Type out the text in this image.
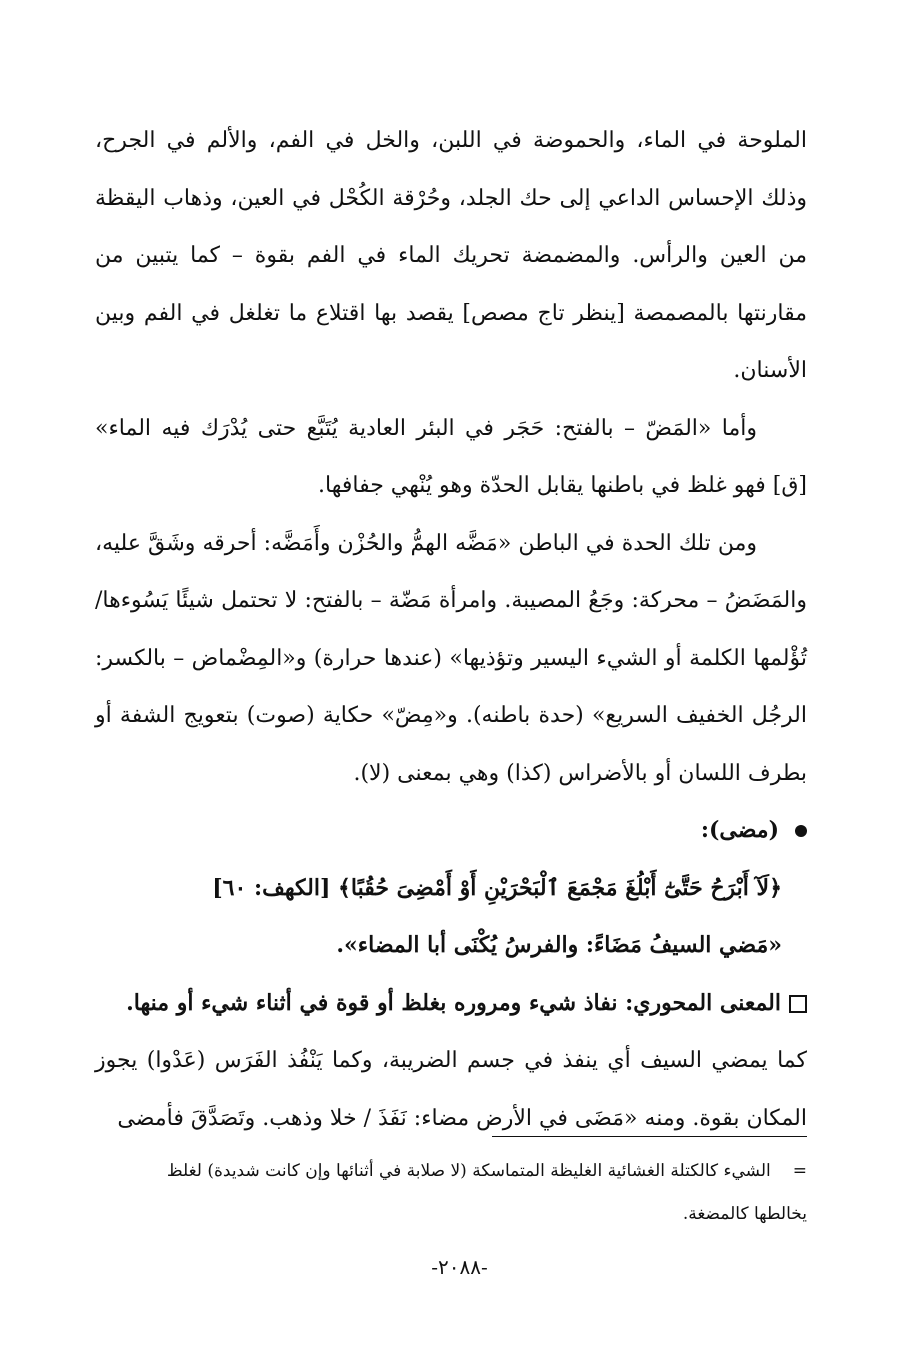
الملوحة في الماء، والحموضة في اللبن، والخل في الفم، والألم في الجرح، وذلك الإحساس الداعي إلى حك الجلد، وحُرْقة الكُحْل في العين، وذهاب اليقظة من العين والرأس. والمضمضة تحريك الماء في الفم بقوة – كما يتبين من مقارنتها بالمصمصة [ينظر تاج مصص] يقصد بها اقتلاع ما تغلغل في الفم وبين الأسنان.

وأما «المَضّ – بالفتح: حَجَر في البئر العادية يُتَبَّع حتى يُدْرَك فيه الماء» [ق] فهو غلظ في باطنها يقابل الحدّة وهو يُنْهي جفافها.

ومن تلك الحدة في الباطن «مَضَّه الهمُّ والحُزْن وأَمَضَّه: أحرقه وشَقَّ عليه، والمَضَضُ – محركة: وجَعُ المصيبة. وامرأة مَضّة – بالفتح: لا تحتمل شيئًا يَسُوءها/ تُؤْلمها الكلمة أو الشيء اليسير وتؤذيها» (عندها حرارة) و«المِضْماض – بالكسر: الرجُل الخفيف السريع» (حدة باطنه). و«مِضّ» حكاية (صوت) بتعويج الشفة أو بطرف اللسان أو بالأضراس (كذا) وهي بمعنى (لا).

(مضى):

﴿لَآ أَبْرَحُ حَتَّىٰٓ أَبْلُغَ مَجْمَعَ ٱلْبَحْرَيْنِ أَوْ أَمْضِىَ حُقُبًا﴾ [الكهف: ٦٠]

«مَضي السيفُ مَضَاءً: والفرسُ يُكْنَى أبا المضاء».

المعنى المحوري: نفاذ شيء ومروره بغلظ أو قوة في أثناء شيء أو منها.

كما يمضي السيف أي ينفذ في جسم الضريبة، وكما يَنْفُذ الفَرَس (عَدْوا) يجوز المكان بقوة. ومنه «مَضَى في الأرض مضاء: نَفَذَ / خلا وذهب. وتَصَدَّقَ فأمضى

=الشيء كالكتلة الغشائية الغليظة المتماسكة (لا صلابة في أثنائها وإن كانت شديدة) لغلظ

يخالطها كالمضغة.

-٢٠٨٨-
